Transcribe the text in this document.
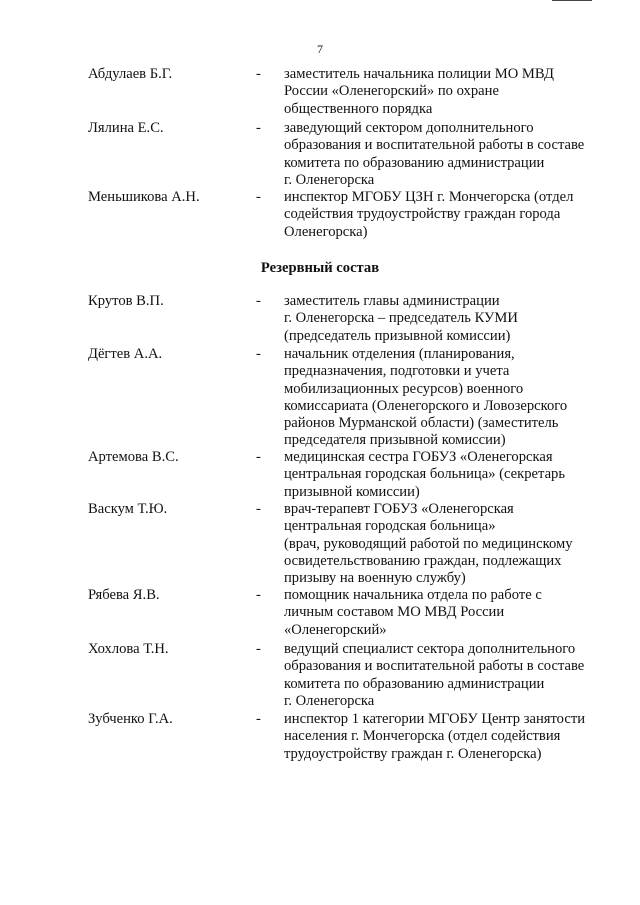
7
Абдулаев Б.Г.	- заместитель начальника полиции МО МВД
России «Оленегорский» по охране
общественного порядка
Лялина Е.С.	- заведующий сектором дополнительного
образования и воспитательной работы в составе
комитета по образованию администрации
г. Оленегорска
Меньшикова А.Н.	- инспектор МГОБУ ЦЗН г. Мончегорска (отдел
содействия трудоустройству граждан города
Оленегорска)
Резервный состав
Крутов В.П.	- заместитель главы администрации
г. Оленегорска – председатель КУМИ
(председатель призывной комиссии)
Дёгтев А.А.	- начальник отделения (планирования,
предназначения, подготовки и учета
мобилизационных ресурсов) военного
комиссариата (Оленегорского и Ловозерского
районов Мурманской области) (заместитель
председателя призывной комиссии)
Артемова В.С.	- медицинская сестра ГОБУЗ «Оленегорская
центральная городская больница» (секретарь
призывной комиссии)
Васкум Т.Ю.	- врач-терапевт ГОБУЗ «Оленегорская
центральная городская больница»
(врач, руководящий работой по медицинскому
освидетельствованию граждан, подлежащих
призыву на военную службу)
Рябева Я.В.	- помощник начальника отдела по работе с
личным составом МО МВД России
«Оленегорский»
Хохлова Т.Н.	- ведущий специалист сектора дополнительного
образования и воспитательной работы в составе
комитета по образованию администрации
г. Оленегорска
Зубченко Г.А.	- инспектор 1 категории МГОБУ Центр занятости
населения г. Мончегорска (отдел содействия
трудоустройству граждан г. Оленегорска)
